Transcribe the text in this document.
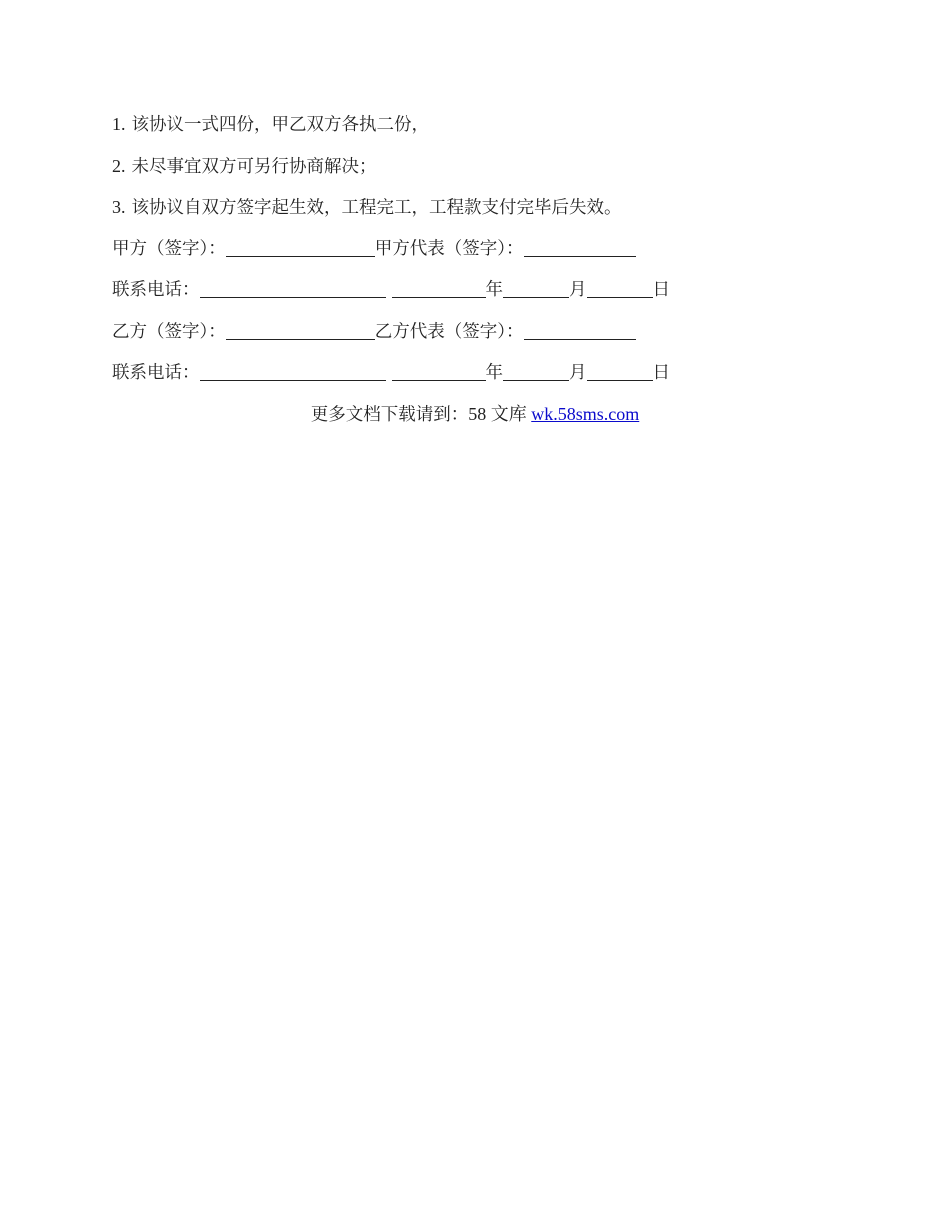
1. 该协议一式四份，甲乙双方各执二份，
2. 未尽事宜双方可另行协商解决；
3. 该协议自双方签字起生效，工程完工，工程款支付完毕后失效。
甲方（签字）：	甲方代表（签字）：
联系电话：	年	月	日
乙方（签字）：	乙方代表（签字）：
联系电话：	年	月	日
更多文档下载请到：58 文库 wk.58sms.com
